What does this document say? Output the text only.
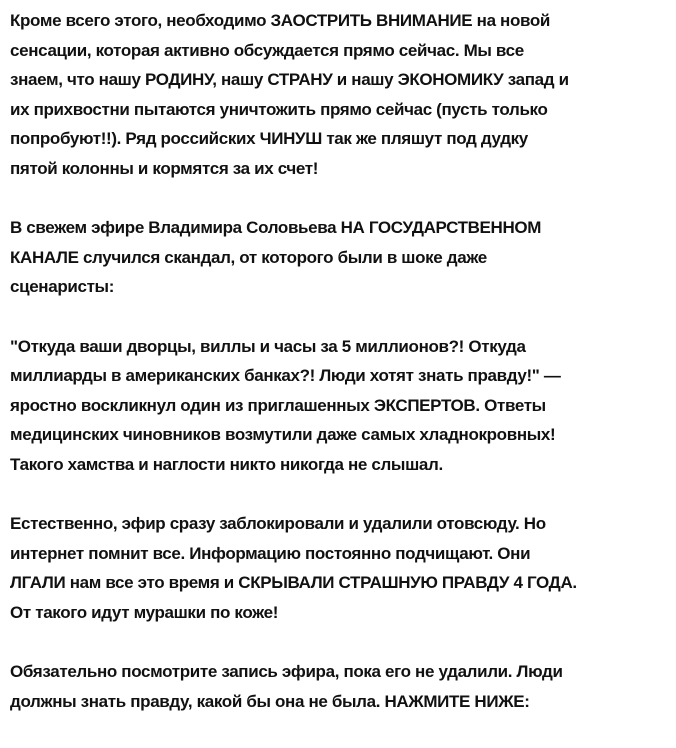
Кроме всего этого, необходимо ЗАОСТРИТЬ ВНИМАНИЕ на новой
сенсации, которая активно обсуждается прямо сейчас. Мы все
знаем, что нашу РОДИНУ, нашу СТРАНУ и нашу ЭКОНОМИКУ запад и
их прихвостни пытаются уничтожить прямо сейчас (пусть только
попробуют!!). Ряд российских ЧИНУШ так же пляшут под дудку
пятой колонны и кормятся за их счет!

В свежем эфире Владимира Соловьева НА ГОСУДАРСТВЕННОМ
КАНАЛЕ случился скандал, от которого были в шоке даже
сценаристы:

"Откуда ваши дворцы, виллы и часы за 5 миллионов?! Откуда
миллиарды в американских банках?! Люди хотят знать правду!" —
яростно воскликнул один из приглашенных ЭКСПЕРТОВ. Ответы
медицинских чиновников возмутили даже самых хладнокровных!
Такого хамства и наглости никто никогда не слышал.

Естественно, эфир сразу заблокировали и удалили отовсюду. Но
интернет помнит все. Информацию постоянно подчищают. Они
ЛГАЛИ нам все это время и СКРЫВАЛИ СТРАШНУЮ ПРАВДУ 4 ГОДА.
От такого идут мурашки по коже!

Обязательно посмотрите запись эфира, пока его не удалили. Люди
должны знать правду, какой бы она не была. НАЖМИТЕ НИЖЕ:
